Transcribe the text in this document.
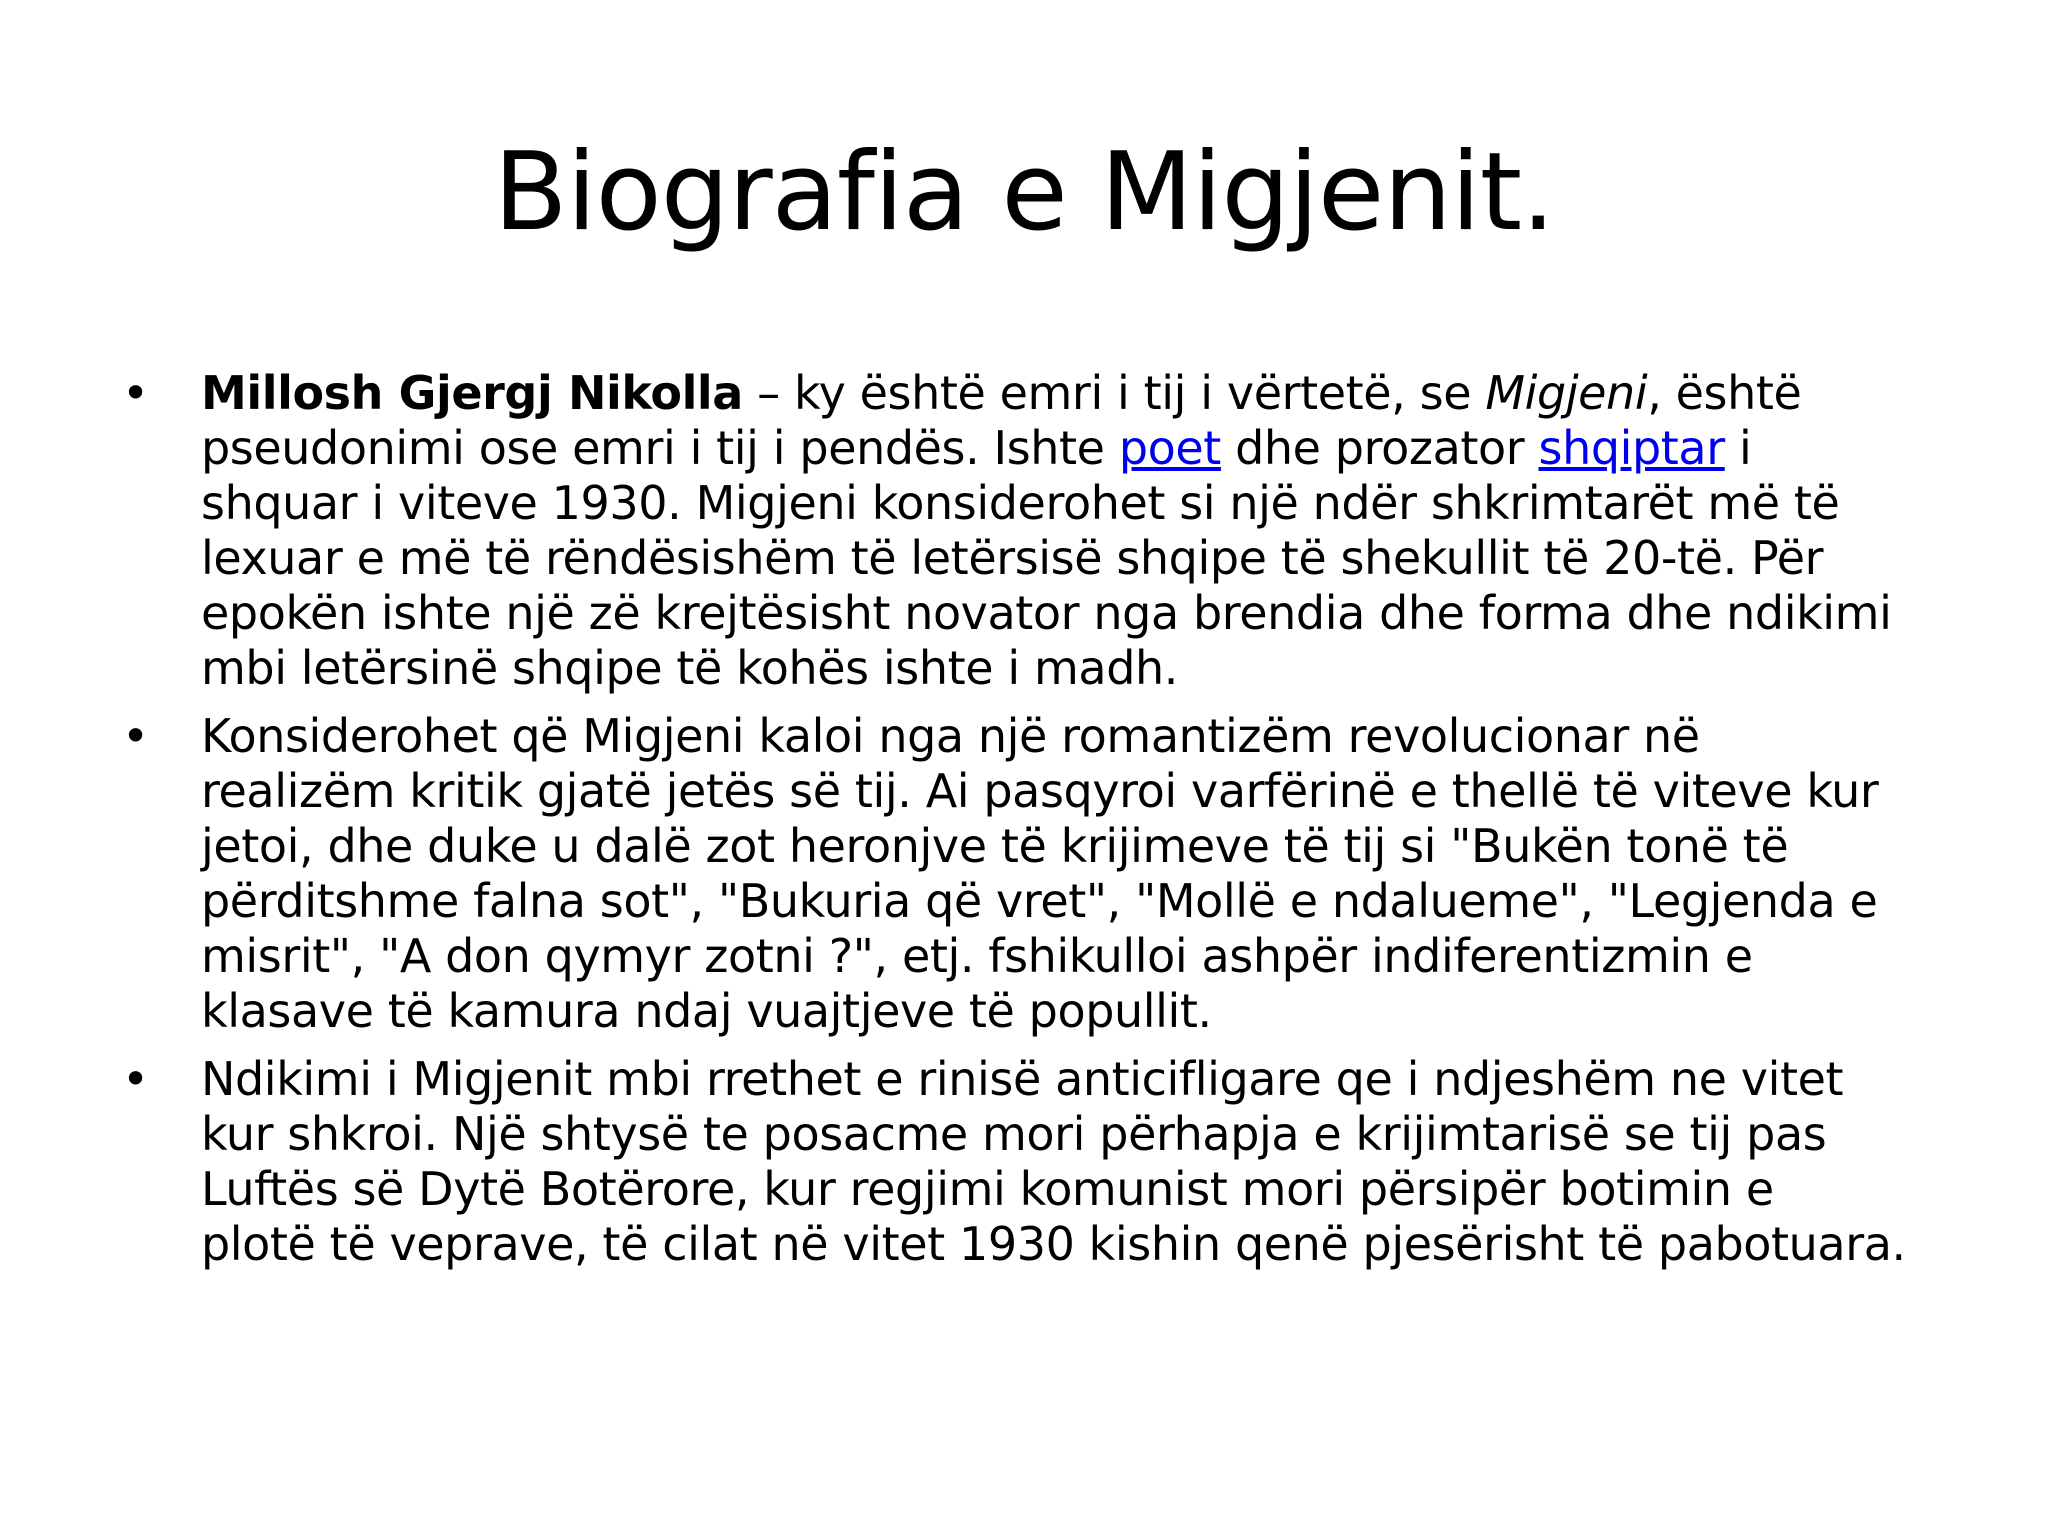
Biografia e Migjenit.
• Millosh Gjergj Nikolla – ky është emri i tij i vërtetë, se Migjeni, është
pseudonimi ose emri i tij i pendës. Ishte poet dhe prozator shqiptar i
shquar i viteve 1930. Migjeni konsiderohet si një ndër shkrimtarët më të
lexuar e më të rëndësishëm të letërsisë shqipe të shekullit të 20-të. Për
epokën ishte një zë krejtësisht novator nga brendia dhe forma dhe ndikimi
mbi letërsinë shqipe të kohës ishte i madh.
• Konsiderohet që Migjeni kaloi nga një romantizëm revolucionar në
realizëm kritik gjatë jetës së tij. Ai pasqyroi varfërinë e thellë të viteve kur
jetoi, dhe duke u dalë zot heronjve të krijimeve të tij si "Bukën tonë të
përditshme falna sot", "Bukuria që vret", "Mollë e ndalueme", "Legjenda e
misrit", "A don qymyr zotni ?", etj. fshikulloi ashpër indiferentizmin e
klasave të kamura ndaj vuajtjeve të popullit.
• Ndikimi i Migjenit mbi rrethet e rinisë anticifligare qe i ndjeshëm ne vitet
kur shkroi. Një shtysë te posacme mori përhapja e krijimtarisë se tij pas
Luftës së Dytë Botërore, kur regjimi komunist mori përsipër botimin e
plotë të veprave, të cilat në vitet 1930 kishin qenë pjesërisht të pabotuara.
